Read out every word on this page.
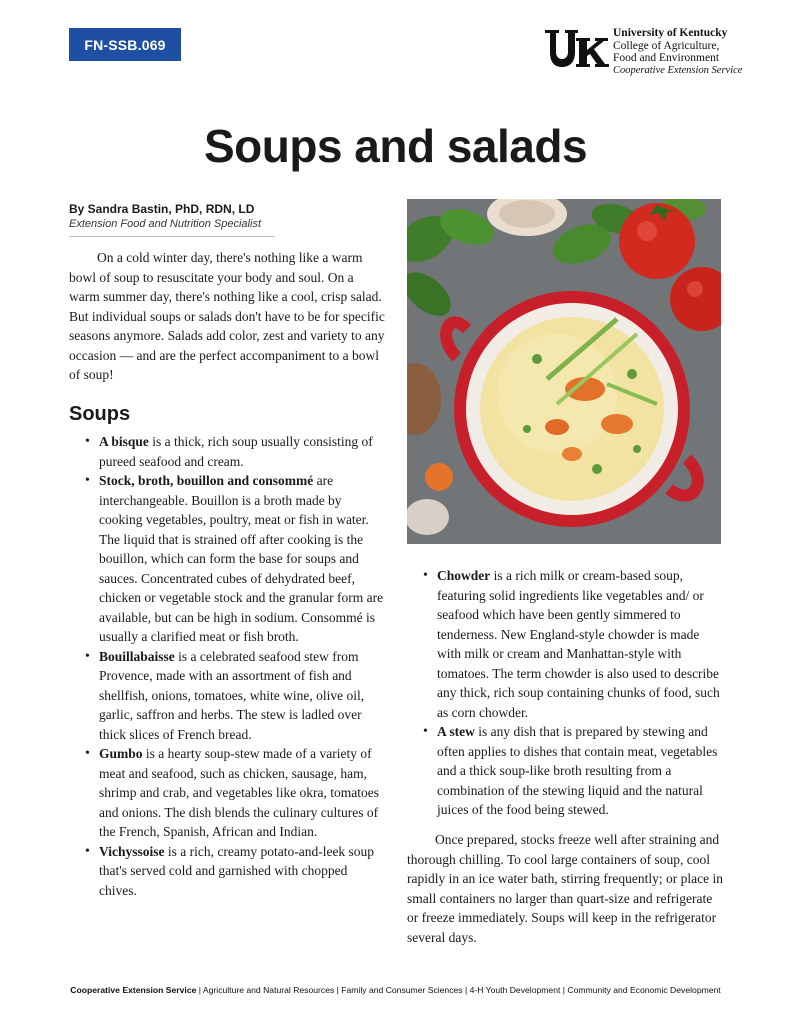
FN-SSB.069
University of Kentucky
College of Agriculture,
Food and Environment
Cooperative Extension Service
Soups and salads
By Sandra Bastin, PhD, RDN, LD
Extension Food and Nutrition Specialist

On a cold winter day, there's nothing like a warm bowl of soup to resuscitate your body and soul. On a warm summer day, there's nothing like a cool, crisp salad. But individual soups or salads don't have to be for specific seasons anymore. Salads add color, zest and variety to any occasion — and are the perfect accompaniment to a bowl of soup!

Soups
• A bisque is a thick, rich soup usually consisting of pureed seafood and cream.
• Stock, broth, bouillon and consommé are interchangeable. Bouillon is a broth made by cooking vegetables, poultry, meat or fish in water. The liquid that is strained off after cooking is the bouillon, which can form the base for soups and sauces. Concentrated cubes of dehydrated beef, chicken or vegetable stock and the granular form are available, but can be high in sodium. Consommé is usually a clarified meat or fish broth.
• Bouillabaisse is a celebrated seafood stew from Provence, made with an assortment of fish and shellfish, onions, tomatoes, white wine, olive oil, garlic, saffron and herbs. The stew is ladled over thick slices of French bread.
• Gumbo is a hearty soup-stew made of a variety of meat and seafood, such as chicken, sausage, ham, shrimp and crab, and vegetables like okra, tomatoes and onions. The dish blends the culinary cultures of the French, Spanish, African and Indian.
• Vichyssoise is a rich, creamy potato-and-leek soup that's served cold and garnished with chopped chives.
• Chowder is a rich milk or cream-based soup, featuring solid ingredients like vegetables and/ or seafood which have been gently simmered to tenderness. New England-style chowder is made with milk or cream and Manhattan-style with tomatoes. The term chowder is also used to describe any thick, rich soup containing chunks of food, such as corn chowder.
• A stew is any dish that is prepared by stewing and often applies to dishes that contain meat, vegetables and a thick soup-like broth resulting from a combination of the stewing liquid and the natural juices of the food being stewed.

Once prepared, stocks freeze well after straining and thorough chilling. To cool large containers of soup, cool rapidly in an ice water bath, stirring frequently; or place in small containers no larger than quart-size and refrigerate or freeze immediately. Soups will keep in the refrigerator several days.

Cooperative Extension Service | Agriculture and Natural Resources | Family and Consumer Sciences | 4-H Youth Development | Community and Economic Development
